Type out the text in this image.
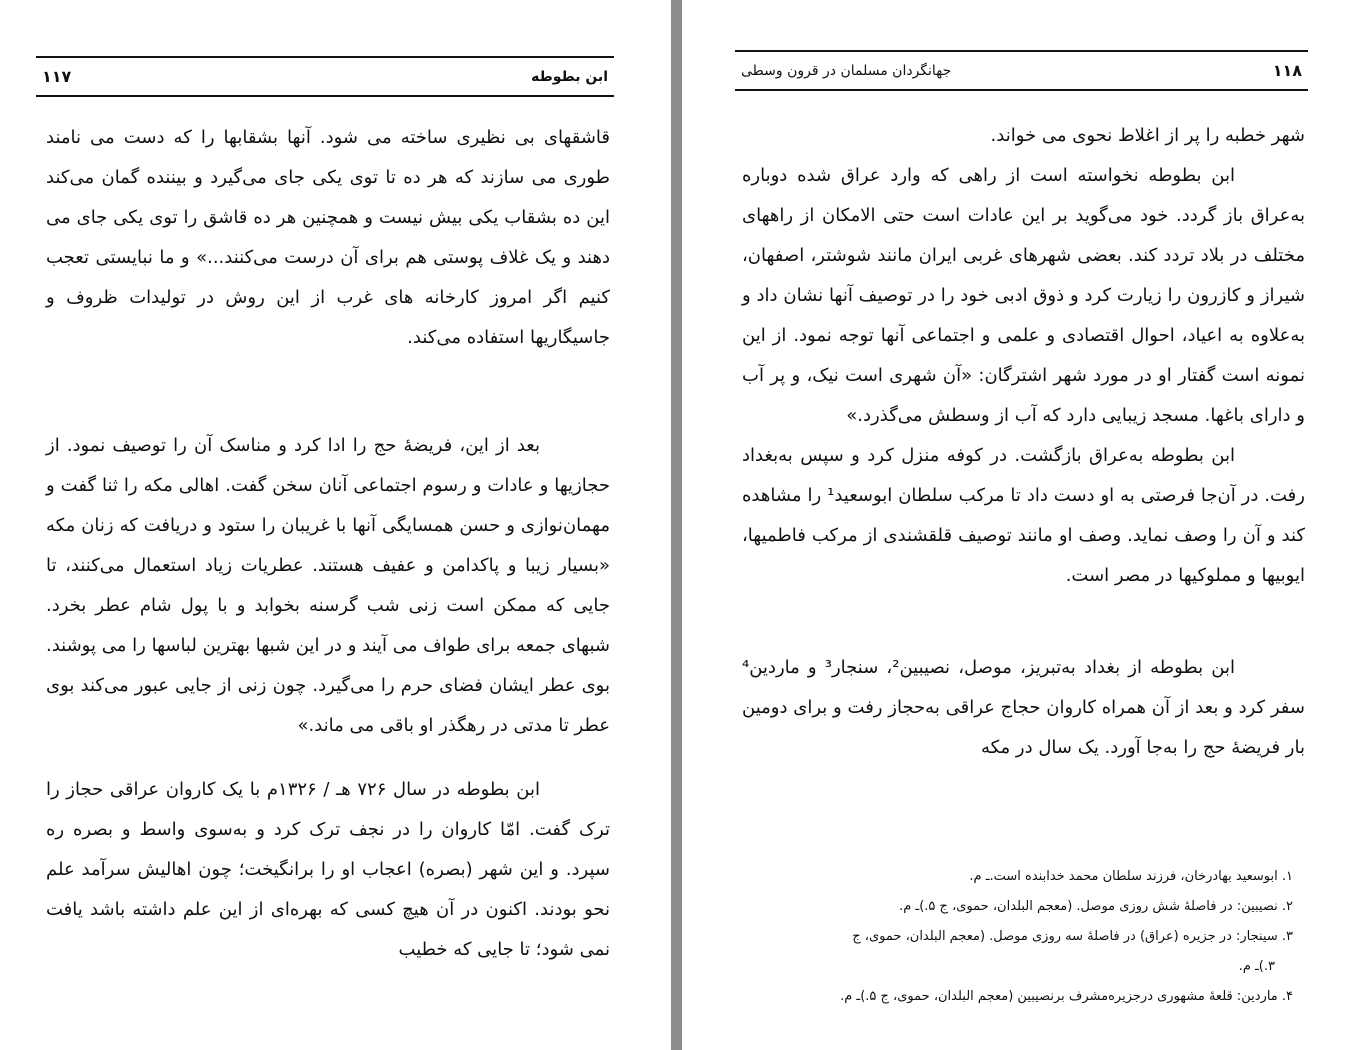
ابن بطوطه
۱۱۷

قاشقهای بی نظیری ساخته می شود. آنها بشقابها را که دست می نامند طوری می سازند که هر ده تا توی یکی جای می‌گیرد و بیننده گمان می‌کند این ده بشقاب یکی بیش نیست و همچنین هر ده قاشق را توی یکی جای می دهند و یک غلاف پوستی هم برای آن درست می‌کنند...» و ما نبایستی تعجب کنیم اگر امروز کارخانه های غرب از این روش در تولیدات ظروف و جاسیگاریها استفاده می‌کند.

بعد از این، فریضهٔ حج را ادا کرد و مناسک آن را توصیف نمود. از حجازیها و عادات و رسوم اجتماعی آنان سخن گفت. اهالی مکه را ثنا گفت و مهمان‌نوازی و حسن همسایگی آنها با غریبان را ستود و دریافت که زنان مکه «بسیار زیبا و پاکدامن و عفیف هستند. عطریات زیاد استعمال می‌کنند، تا جایی که ممکن است زنی شب گرسنه بخوابد و با پول شام عطر بخرد. شبهای جمعه برای طواف می آیند و در این شبها بهترین لباسها را می پوشند. بوی عطر ایشان فضای حرم را می‌گیرد. چون زنی از جایی عبور می‌کند بوی عطر تا مدتی در رهگذر او باقی می ماند.»

ابن بطوطه در سال ۷۲۶ هـ / ۱۳۲۶م با یک کاروان عراقی حجاز را ترک گفت. امّا کاروان را در نجف ترک کرد و به‌سوی واسط و بصره ره سپرد. و این شهر (بصره) اعجاب او را برانگیخت؛ چون اهالیش سرآمد علم نحو بودند. اکنون در آن هیچ کسی که بهره‌ای از این علم داشته باشد یافت نمی شود؛ تا جایی که خطیب

۱۱۸
جهانگردان مسلمان در قرون وسطی

شهر خطبه را پر از اغلاط نحوی می خواند.

ابن بطوطه نخواسته است از راهی که وارد عراق شده دوباره به‌عراق باز گردد. خود می‌گوید بر این عادات است حتی الامکان از راههای مختلف در بلاد تردد کند. بعضی شهرهای غربی ایران مانند شوشتر، اصفهان، شیراز و کازرون را زیارت کرد و ذوق ادبی خود را در توصیف آنها نشان داد و به‌علاوه به اعیاد، احوال اقتصادی و علمی و اجتماعی آنها توجه نمود. از این نمونه است گفتار او در مورد شهر اشترگان: «آن شهری است نیک، و پر آب و دارای باغها. مسجد زیبایی دارد که آب از وسطش می‌گذرد.»

ابن بطوطه به‌عراق بازگشت. در کوفه منزل کرد و سپس به‌بغداد رفت. در آن‌جا فرصتی به او دست داد تا مرکب سلطان ابوسعید¹ را مشاهده کند و آن را وصف نماید. وصف او مانند توصیف قلقشندی از مرکب فاطمیها، ایوبیها و مملوکیها در مصر است.

ابن بطوطه از بغداد به‌تبریز، موصل، نصیبین²، سنجار³ و ماردین⁴ سفر کرد و بعد از آن همراه کاروان حجاج عراقی به‌حجاز رفت و برای دومین بار فریضهٔ حج را به‌جا آورد. یک سال در مکه

۱. ابوسعید بهادرخان، فرزند سلطان محمد خدابنده است.ـ م.

۲. نصیبین: در فاصلهٔ شش روزی موصل. (معجم البلدان، حموی، ج ۵.)ـ م.

۳. سینجار: در جزیره (عراق) در فاصلهٔ سه روزی موصل. (معجم البلدان، حموی، ج

۳.)ـ م.

۴. ماردین: قلعهٔ مشهوری درجزیره‌مشرف برنصیبین (معجم البلدان، حموی، ج ۵.)ـ م.
